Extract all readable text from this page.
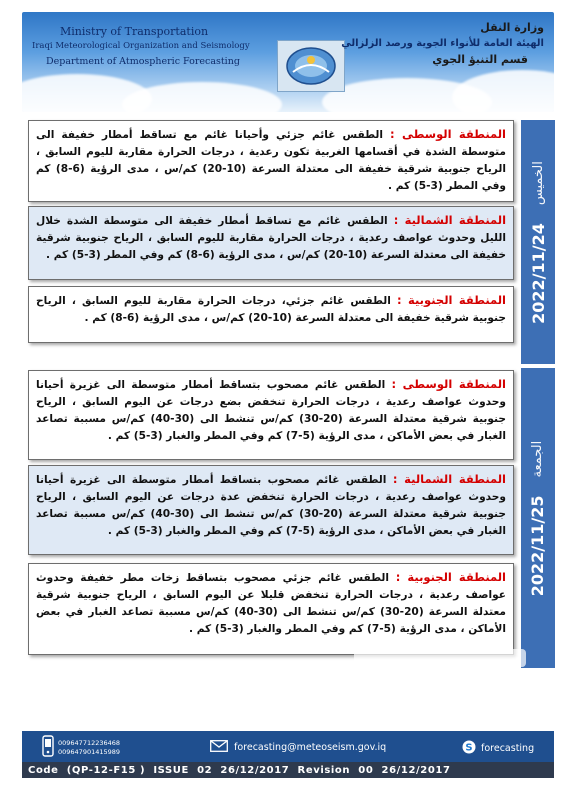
Ministry of Transportation
Iraqi Meteorological Organization and Seismology
Department of Atmospheric Forecasting
وزارة النقل
الهيئة العامة للأنواء الجوية ورصد الزلزالي
قسم التنبؤ الجوي
2022/11/24
الخميس
المنطقة الوسطى : الطقس غائم جزئي وأحيانا غائم مع تساقط أمطار خفيفة الى متوسطة الشدة في أقسامها الغربية تكون رعدية ، درجات الحرارة مقاربة لليوم السابق ، الرياح جنوبية شرقية خفيفة الى معتدلة السرعة (10-20) كم/س ، مدى الرؤية (6-8) كم وفي المطر (3-5) كم .
المنطقة الشمالية : الطقس غائم مع تساقط أمطار خفيفة الى متوسطة الشدة خلال الليل وحدوث عواصف رعدية ، درجات الحرارة مقاربة لليوم السابق ، الرياح جنوبية شرقية خفيفة الى معتدلة السرعة (10-20) كم/س ، مدى الرؤية (6-8) كم وفي المطر (3-5) كم .
المنطقة الجنوبية : الطقس غائم جزئي، درجات الحرارة مقاربة لليوم السابق ، الرياح جنوبية شرقية خفيفة الى معتدلة السرعة (10-20) كم/س ، مدى الرؤية (6-8) كم .
2022/11/25
الجمعة
المنطقة الوسطى : الطقس غائم مصحوب بتساقط أمطار متوسطة الى غزيرة أحيانا وحدوث عواصف رعدية ، درجات الحرارة تنخفض بضع درجات عن اليوم السابق ، الرياح جنوبية شرقية معتدلة السرعة (20-30) كم/س تنشط الى (30-40) كم/س مسببة تصاعد الغبار في بعض الأماكن ، مدى الرؤية (5-7) كم وفي المطر والغبار (3-5) كم .
المنطقة الشمالية : الطقس غائم مصحوب بتساقط أمطار متوسطة الى غزيرة أحيانا وحدوث عواصف رعدية ، درجات الحرارة تنخفض عدة درجات عن اليوم السابق ، الرياح جنوبية شرقية معتدلة السرعة (20-30) كم/س تنشط الى (30-40) كم/س مسببة تصاعد الغبار في بعض الأماكن ، مدى الرؤية (5-7) كم وفي المطر والغبار (3-5) كم .
المنطقة الجنوبية : الطقس غائم جزئي مصحوب بتساقط زخات مطر خفيفة وحدوث عواصف رعدية ، درجات الحرارة تنخفض قليلا عن اليوم السابق ، الرياح جنوبية شرقية معتدلة السرعة (20-30) كم/س تنشط الى (30-40) كم/س مسببة تصاعد الغبار في بعض الأماكن ، مدى الرؤية (5-7) كم وفي المطر والغبار (3-5) كم .
009647712236468
009647901415989	forecasting@meteoseism.gov.iq	S forecasting
Code  (QP-12-F15 )  ISSUE  02  26/12/2017  Revision  00  26/12/2017
